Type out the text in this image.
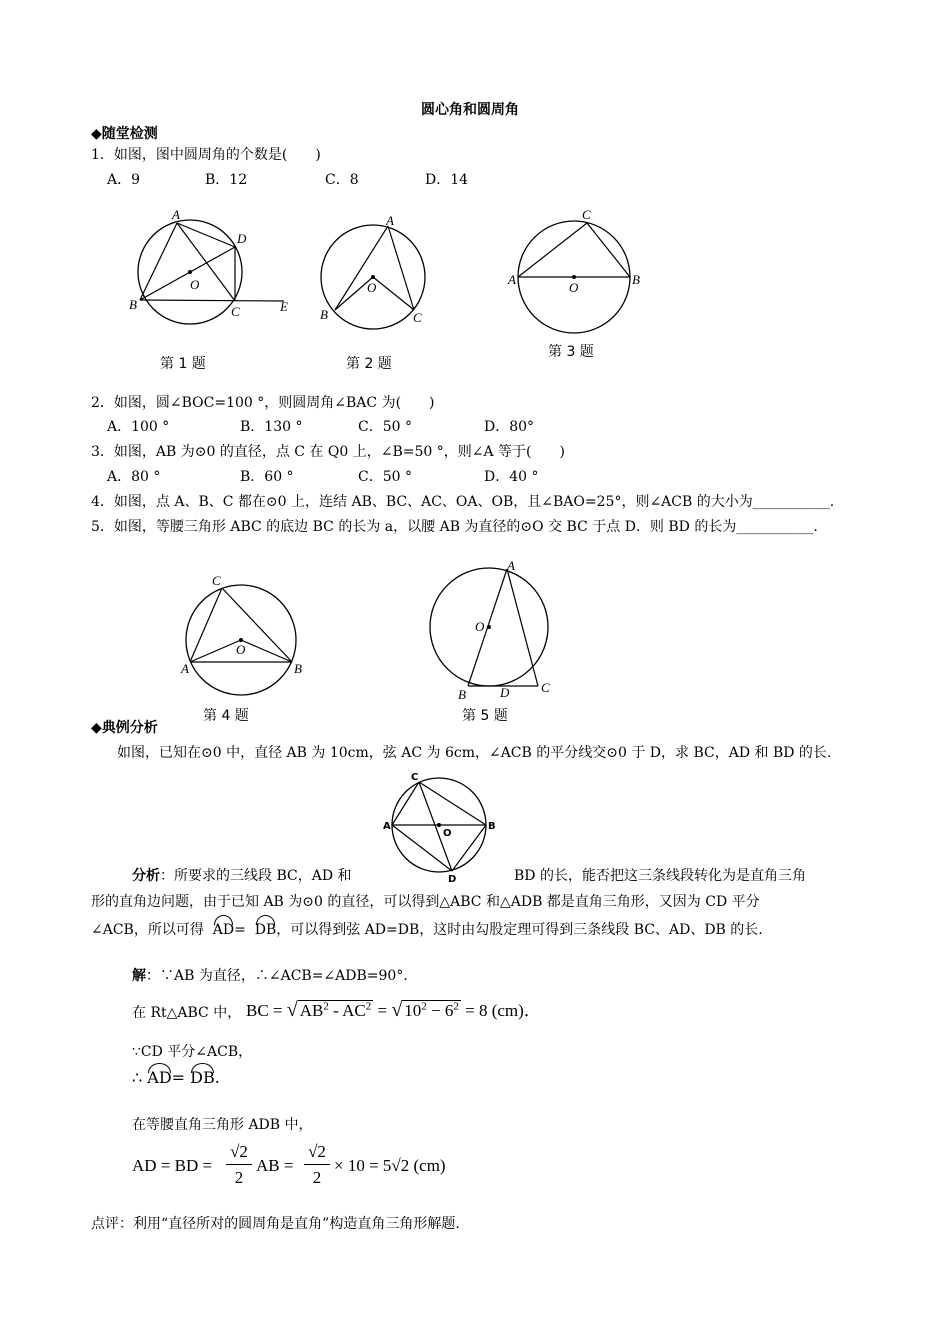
圆心角和圆周角
◆随堂检测
1．如图，图中圆周角的个数是(　　)
A．9	B．12	C．8	D．14
A
D
O
B	C	E
A
O
B	C
C
A
O
B
第 1 题	第 2 题
第 3 题
2．如图，圆∠BOC=100 °，则圆周角∠BAC 为(　　)
A．100 °	B．130 °	C．50 °	D．80°
3．如图，AB 为⊙0 的直径，点 C 在 Q0 上，∠B=50 °，则∠A 等于(　　)
A．80 °	B．60 °	C．50 °	D．40 °
4．如图，点 A、B、C 都在⊙0 上，连结 AB、BC、AC、OA、OB，且∠BAO=25°，则∠ACB 的大小为___________.
5．如图，等腰三角形 ABC 的底边 BC 的长为 a，以腰 AB 为直径的⊙O 交 BC 于点 D．则 BD 的长为___________.
C
O
A	B
A
O
B	D C
第 4 题	第 5 题
◆典例分析
如图，已知在⊙0 中，直径 AB 为 10cm，弦 AC 为 6cm，∠ACB 的平分线交⊙0 于 D，求 BC，AD 和 BD 的长.
C
A
O
B
D
分析：所要求的三线段 BC，AD 和	BD 的长，能否把这三条线段转化为是直角三角
形的直角边问题，由于已知 AB 为⊙0 的直径，可以得到△ABC 和△ADB 都是直角三角形，又因为 CD 平分
∠ACB，所以可得 AD= DB，可以得到弦 AD=DB，这时由勾股定理可得到三条线段 BC、AD、DB 的长.
解：∵AB 为直径，∴∠ACB=∠ADB=90°．
在 Rt△ABC 中， BC = √ $AB^2 - AC^2$ = √ $10^2 - 6^2 = 8$ (cm)．
∵CD 平分∠ACB，
∴ AD= DB.
在等腰直角三角形 ADB 中，
AD = BD =
√2
2
AB =
√2
2
× 10 = 5√2 (cm)
点评：利用“直径所对的圆周角是直角”构造直角三角形解题.
